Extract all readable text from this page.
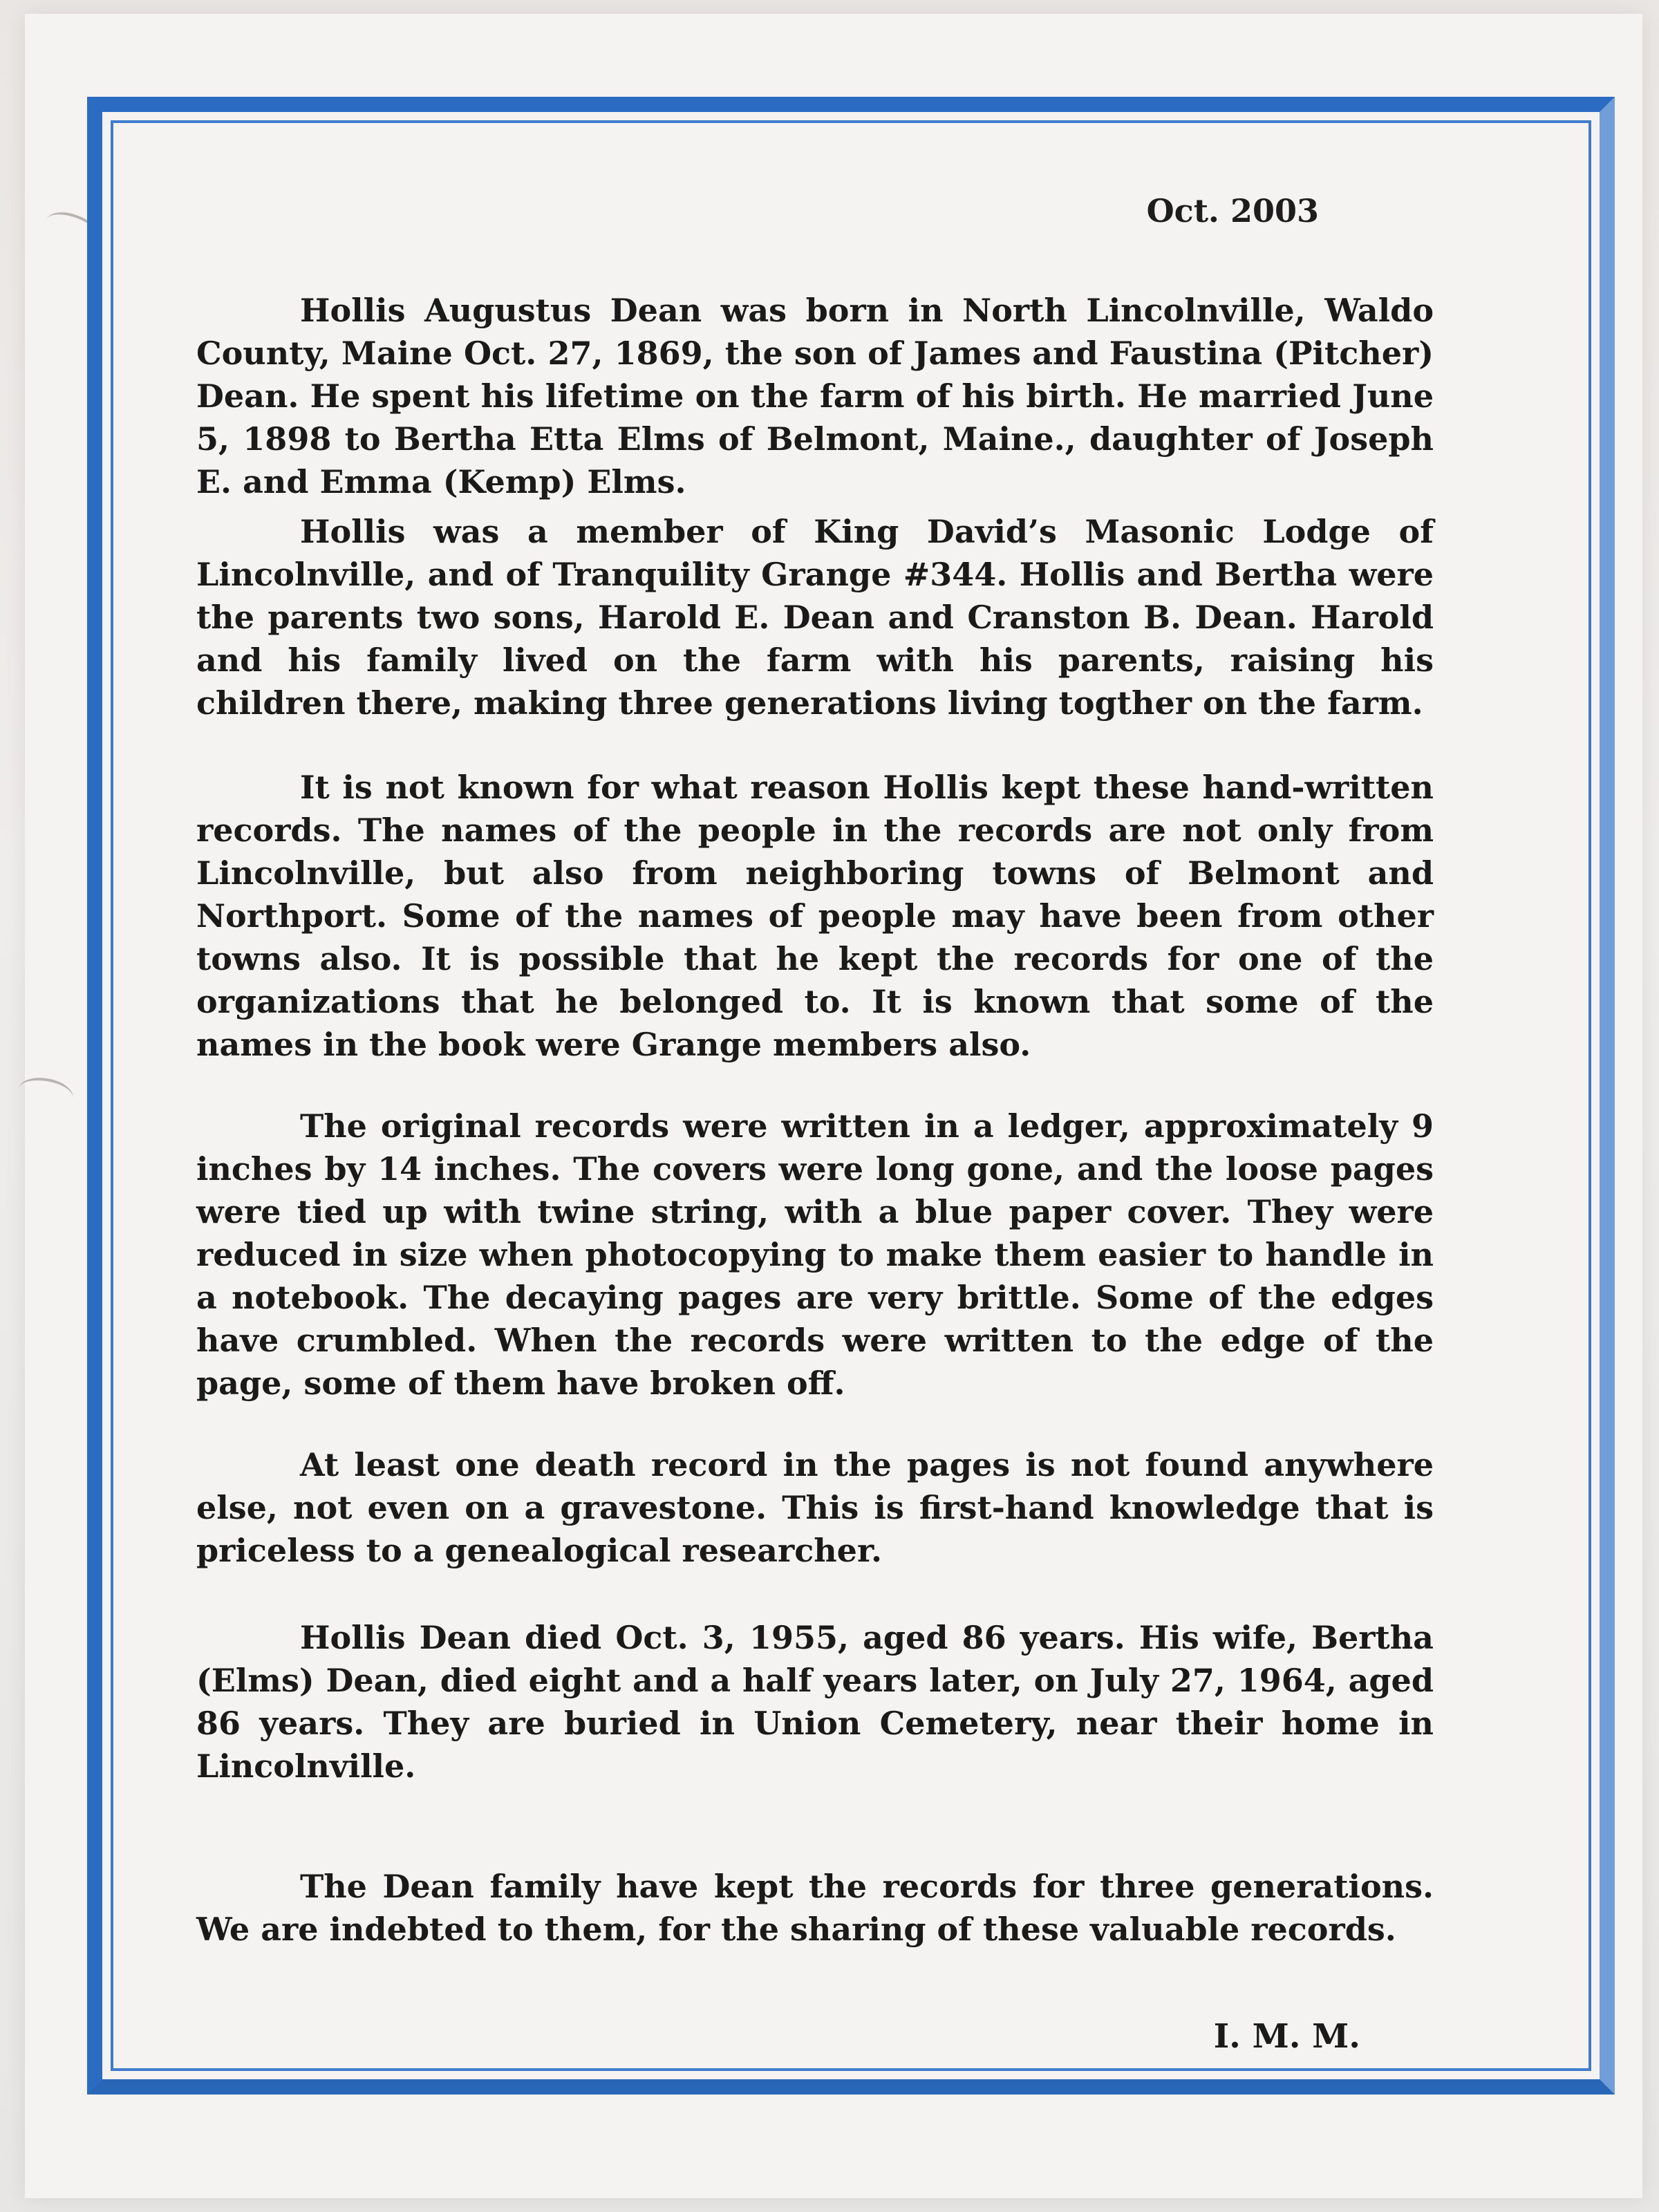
Oct. 2003

Hollis Augustus Dean was born in North Lincolnville, Waldo County, Maine Oct. 27, 1869, the son of James and Faustina (Pitcher) Dean. He spent his lifetime on the farm of his birth. He married June 5, 1898 to Bertha Etta Elms of Belmont, Maine., daughter of Joseph E. and Emma (Kemp) Elms.

Hollis was a member of King David’s Masonic Lodge of Lincolnville, and of Tranquility Grange #344. Hollis and Bertha were the parents two sons, Harold E. Dean and Cranston B. Dean. Harold and his family lived on the farm with his parents, raising his children there, making three generations living togther on the farm.

It is not known for what reason Hollis kept these hand-written records. The names of the people in the records are not only from Lincolnville, but also from neighboring towns of Belmont and Northport. Some of the names of people may have been from other towns also. It is possible that he kept the records for one of the organizations that he belonged to. It is known that some of the names in the book were Grange members also.

The original records were written in a ledger, approximately 9 inches by 14 inches. The covers were long gone, and the loose pages were tied up with twine string, with a blue paper cover. They were reduced in size when photocopying to make them easier to handle in a notebook. The decaying pages are very brittle. Some of the edges have crumbled. When the records were written to the edge of the page, some of them have broken off.

At least one death record in the pages is not found anywhere else, not even on a gravestone. This is first-hand knowledge that is priceless to a genealogical researcher.

Hollis Dean died Oct. 3, 1955, aged 86 years. His wife, Bertha (Elms) Dean, died eight and a half years later, on July 27, 1964, aged 86 years. They are buried in Union Cemetery, near their home in Lincolnville.

The Dean family have kept the records for three generations. We are indebted to them, for the sharing of these valuable records.

I. M. M.
